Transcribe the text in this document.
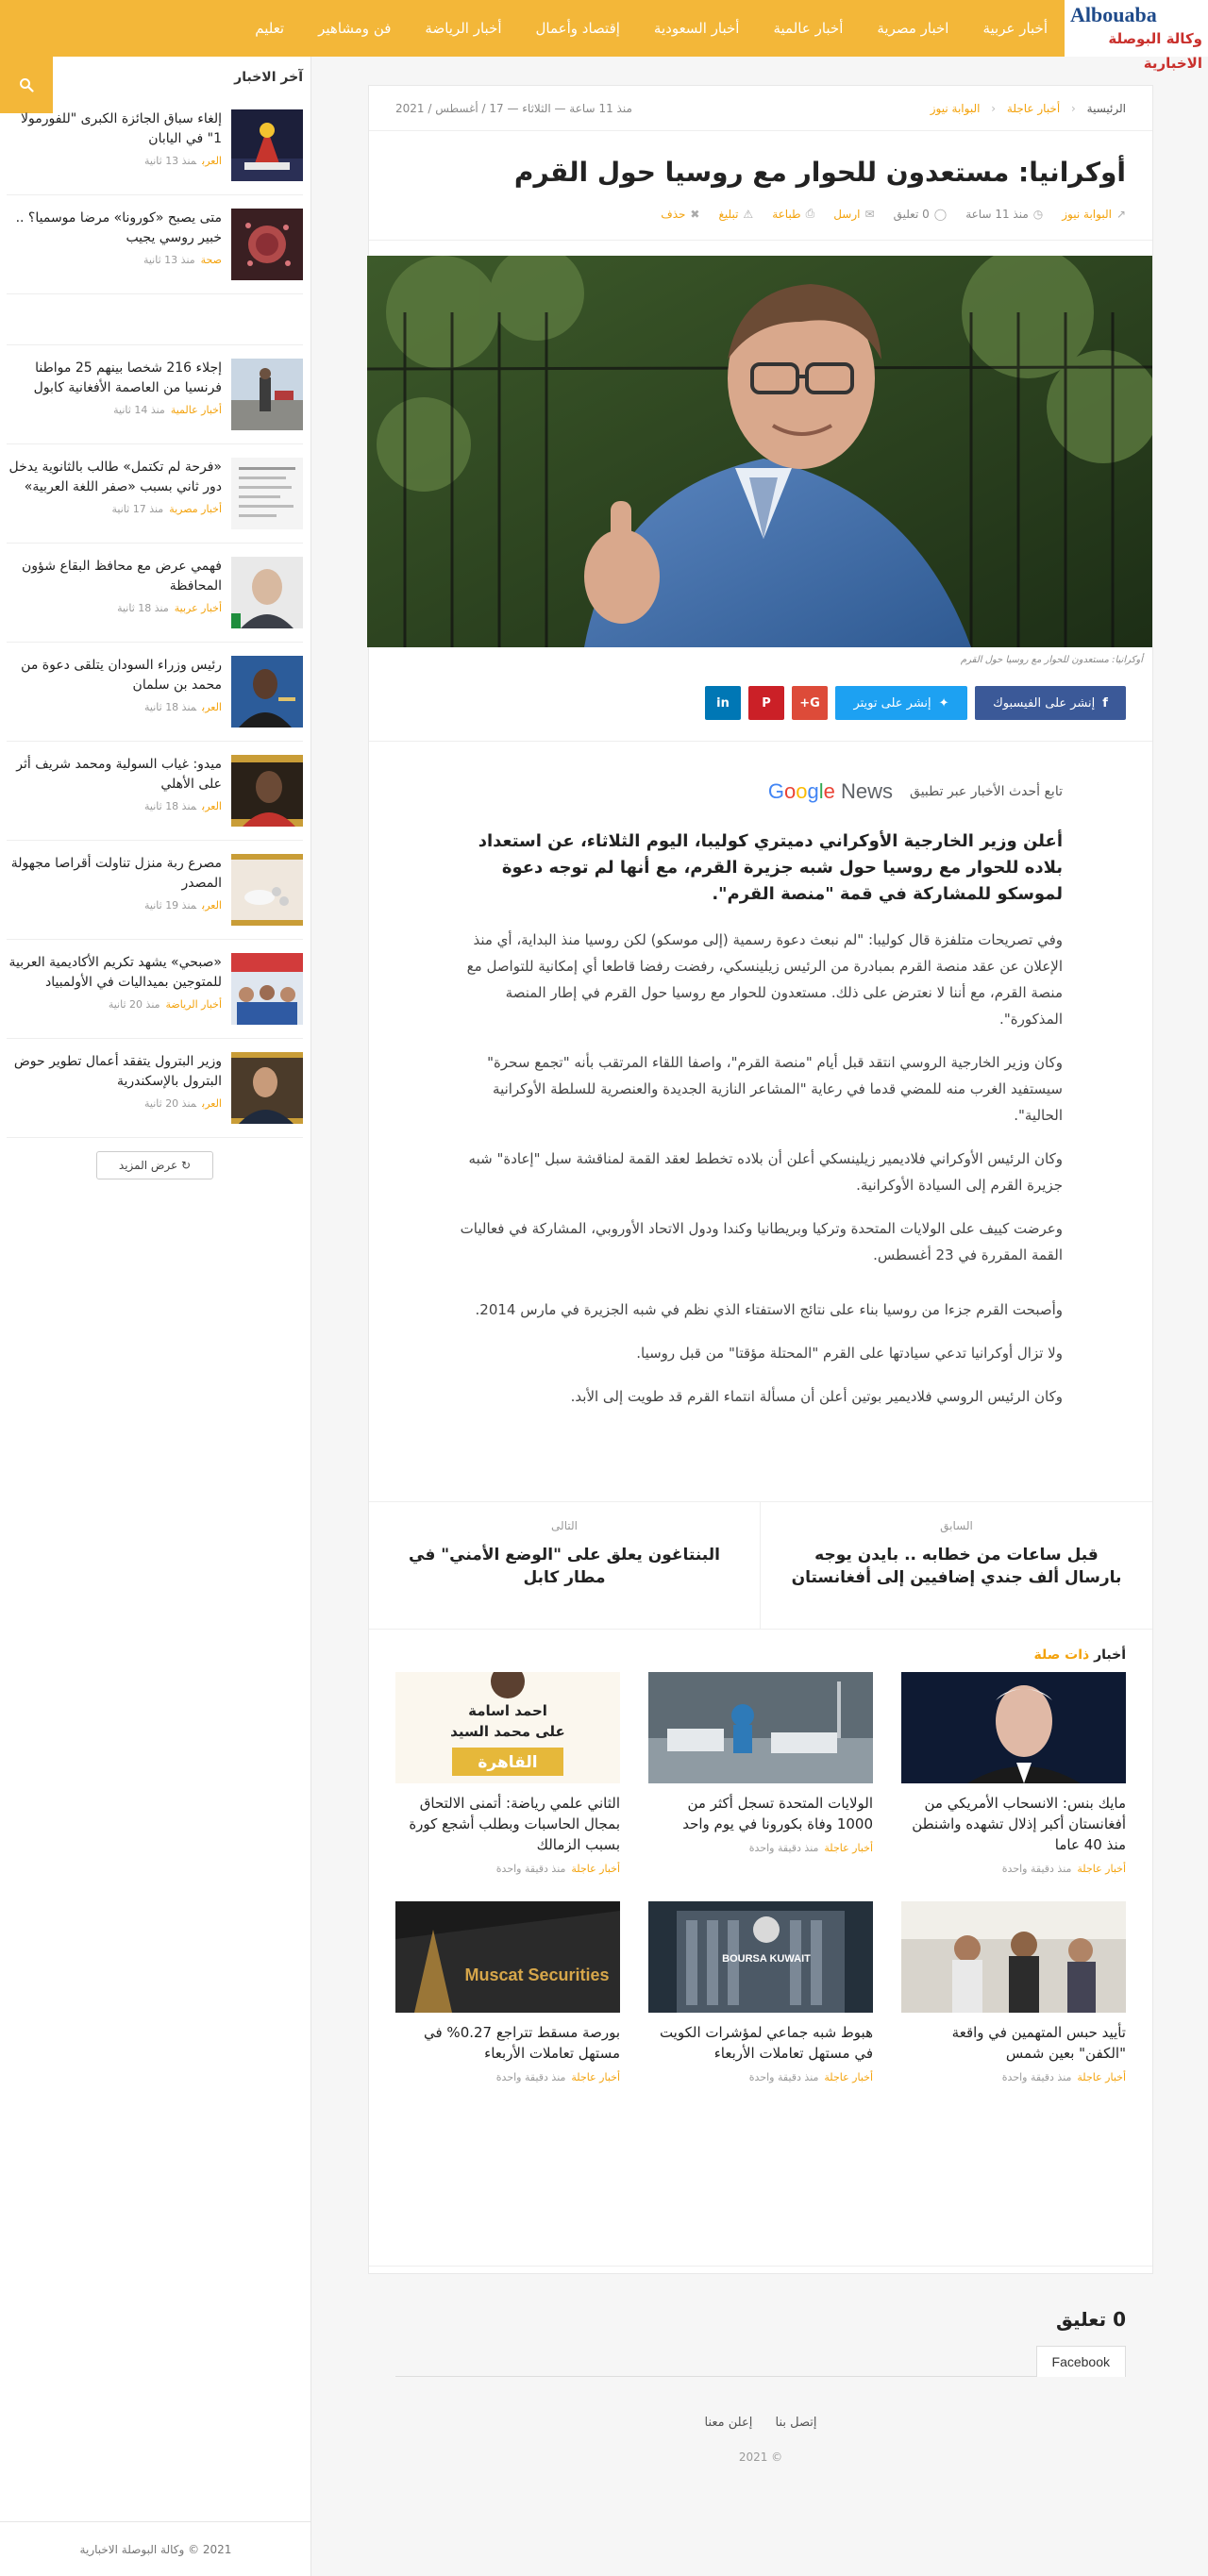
Albouaba
وكالة البوصلة الاخبارية
أخبار عربية
اخبار مصرية
أخبار عالمية
أخبار السعودية
إقتصاد وأعمال
أخبار الرياضة
فن ومشاهير
تعليم
آخر الاخبار
إلغاء سباق الجائزة الكبرى "للفورمولا 1" في اليابان
العربمنذ 13 ثانية
متى يصبح «كورونا» مرضا موسميا؟ .. خبير روسي يجيب
صحةمنذ 13 ثانية
إجلاء 216 شخصا بينهم 25 مواطنا فرنسيا من العاصمة الأفغانية كابول
أخبار عالميةمنذ 14 ثانية
«فرحة لم تكتمل» طالب بالثانوية يدخل دور ثاني بسبب «صفر اللغة العربية»
أخبار مصريةمنذ 17 ثانية
فهمي عرض مع محافظ البقاع شؤون المحافظة
أخبار عربيةمنذ 18 ثانية
رئيس وزراء السودان يتلقى دعوة من محمد بن سلمان
العربمنذ 18 ثانية
ميدو: غياب السولية ومحمد شريف أثر على الأهلي
العربمنذ 18 ثانية
مصرع ربة منزل تناولت أقراصا مجهولة المصدر
العربمنذ 19 ثانية
«صبحي» يشهد تكريم الأكاديمية العربية للمتوجين بميداليات في الأولمبياد
أخبار الرياضةمنذ 20 ثانية
وزير البترول يتفقد أعمال تطوير حوض البترول بالإسكندرية
العربمنذ 20 ثانية
↻ عرض المزيد
2021 © وكالة البوصلة الاخبارية
الرئيسية ‹ أخبار عاجلة ‹ البوابة نيوز
منذ 11 ساعة — الثلاثاء — 17 / أغسطس / 2021
أوكرانيا: مستعدون للحوار مع روسيا حول القرم
↗
البوابة نيوز
◷
منذ 11 ساعة
◯
0 تعليق
✉
ارسل
⎙
طباعة
⚠
تبليغ
✖
حذف
أوكرانيا: مستعدون للحوار مع روسيا حول القرم
f
إنشر على الفيسبوك
✦
إنشر على تويتر
G+
P
in
تابع أحدث الأخبار عبر تطبيق
Google News

أعلن وزير الخارجية الأوكراني دميتري كوليبا، اليوم الثلاثاء، عن استعداد بلاده للحوار مع روسيا حول شبه جزيرة القرم، مع أنها لم توجه دعوة لموسكو للمشاركة في قمة "منصة القرم".

وفي تصريحات متلفزة قال كوليبا: "لم نبعث دعوة رسمية (إلى موسكو) لكن روسيا منذ البداية، أي منذ الإعلان عن عقد منصة القرم بمبادرة من الرئيس زيلينسكي، رفضت رفضا قاطعا أي إمكانية للتواصل مع منصة القرم، مع أننا لا نعترض على ذلك. مستعدون للحوار مع روسيا حول القرم في إطار المنصة المذكورة".

وكان وزير الخارجية الروسي انتقد قبل أيام "منصة القرم"، واصفا اللقاء المرتقب بأنه "تجمع سحرة" سيستفيد الغرب منه للمضي قدما في رعاية "المشاعر النازية الجديدة والعنصرية للسلطة الأوكرانية الحالية".

وكان الرئيس الأوكراني فلاديمير زيلينسكي أعلن أن بلاده تخطط لعقد القمة لمناقشة سبل "إعادة" شبه جزيرة القرم إلى السيادة الأوكرانية.

وعرضت كييف على الولايات المتحدة وتركيا وبريطانيا وكندا ودول الاتحاد الأوروبي، المشاركة في فعاليات القمة المقررة في 23 أغسطس.

وأصبحت القرم جزءا من روسيا بناء على نتائج الاستفتاء الذي نظم في شبه الجزيرة في مارس 2014.

ولا تزال أوكرانيا تدعي سيادتها على القرم "المحتلة مؤقتا" من قبل روسيا.

وكان الرئيس الروسي فلاديمير بوتين أعلن أن مسألة انتماء القرم قد طويت إلى الأبد.

السابق
قبل ساعات من خطابه .. بايدن يوجه بارسال ألف جندي إضافيين إلى أفغانستان
التالى
البنتاغون يعلق على "الوضع الأمني" في مطار كابل
أخبار ذات صلة
مايك بنس: الانسحاب الأمريكي من أفغانستان أكبر إذلال تشهده واشنطن منذ 40 عاما
أخبار عاجلةمنذ دقيقة واحدة
الولايات المتحدة تسجل أكثر من 1000 وفاة بكورونا في يوم واحد
أخبار عاجلةمنذ دقيقة واحدة
احمد اسامة
على محمد السيد
القاهرة
الثاني علمي رياضة: أتمنى الالتحاق بمجال الحاسبات وبطلب أشجع كورة بسبب الزمالك
أخبار عاجلةمنذ دقيقة واحدة
تأييد حبس المتهمين في واقعة "الكفن" بعين شمس
أخبار عاجلةمنذ دقيقة واحدة
BOURSA KUWAIT
هبوط شبه جماعي لمؤشرات الكويت في مستهل تعاملات الأربعاء
أخبار عاجلةمنذ دقيقة واحدة
Muscat Securities
بورصة مسقط تتراجع 0.27% في مستهل تعاملات الأربعاء
أخبار عاجلةمنذ دقيقة واحدة
0 تعليق
Facebook
إتصل بنا إعلن معنا
© 2021
